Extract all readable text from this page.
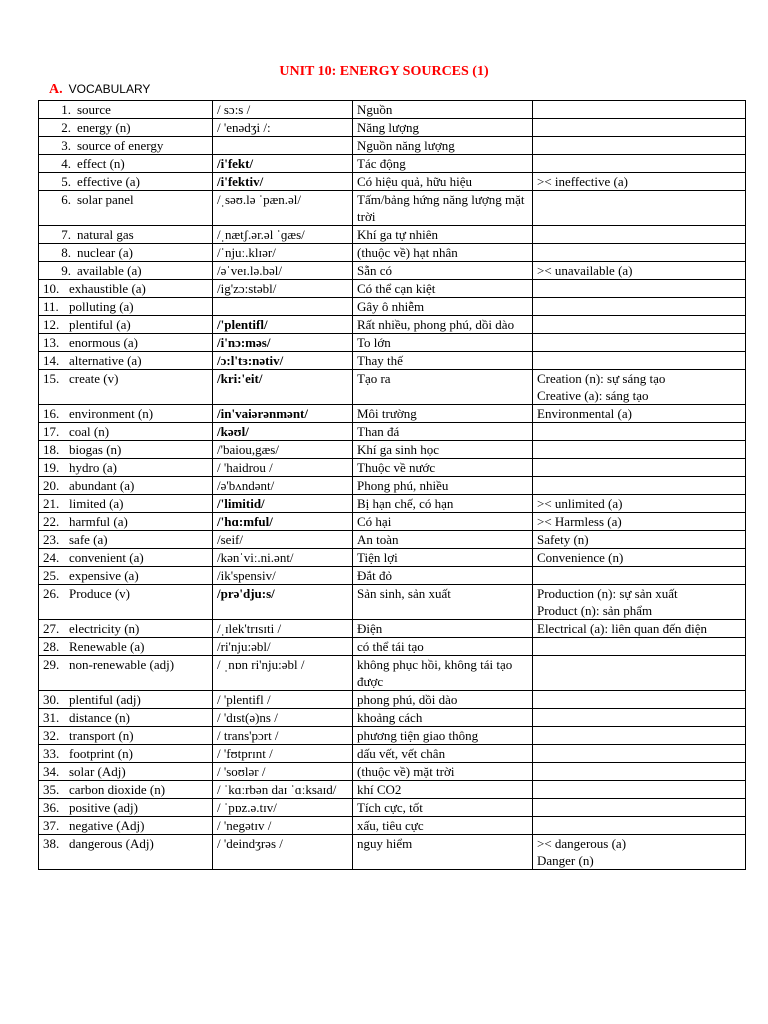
UNIT 10: ENERGY SOURCES (1)
A. VOCABULARY
1. source	/ sɔ:s /	Nguồn	

2. energy (n)	/ 'enədʒi /:	Năng lượng	

3. source of energy		Nguồn năng lượng	

4. effect (n)	/i'fekt/	Tác động	

5. effective (a)	/i'fektiv/	Có hiệu quả, hữu hiệu	>< ineffective (a)

6. solar panel	/ˌsəʊ.lə ˈpæn.əl/	Tấm/bảng hứng năng lượng mặt trời	

7. natural gas	/ˌnætʃ.ər.əl ˈɡæs/	Khí ga tự nhiên	

8. nuclear (a)	/ˈnjuː.klɪər/	(thuộc về) hạt nhân	

9. available (a)	/əˈveɪ.lə.bəl/	Sẵn có	>< unavailable (a)

10. exhaustible (a)	/ig'zɔ:stəbl/	Có thể cạn kiệt	

11. polluting (a)		Gây ô nhiễm	

12. plentiful (a)	/'plentifl/	Rất nhiều, phong phú, dồi dào	

13. enormous (a)	/i'nɔ:məs/	To lớn	

14. alternative (a)	/ɔ:l'tɜ:nətiv/	Thay thế	

15. create (v)	/kri:'eit/	Tạo ra	Creation (n): sự sáng tạo
Creative (a): sáng tạo

16. environment (n)	/in'vaiərənmənt/	Môi trường	Environmental (a)

17. coal (n)	/kəʊl/	Than đá	

18. biogas (n)	/'baiou,gæs/	Khí ga sinh học	

19. hydro (a)	/ 'haidrou /	Thuộc về nước	

20. abundant (a)	/ə'bʌndənt/	Phong phú, nhiều	

21. limited (a)	/'limitid/	Bị hạn chế, có hạn	>< unlimited (a)

22. harmful (a)	/'hɑ:mful/	Có hại	>< Harmless (a)

23. safe (a)	/seif/	An toàn	Safety (n)

24. convenient (a)	/kənˈviː.ni.ənt/	Tiện lợi	Convenience (n)

25. expensive (a)	/ik'spensiv/	Đắt đỏ	

26. Produce (v)	/prə'dju:s/	Sản sinh, sản xuất	Production (n): sự sản xuất
Product (n): sản phẩm

27. electricity (n)	/ˌɪlek'trɪsɪti /	Điện	Electrical (a): liên quan đến điện

28. Renewable (a)	/ri'nju:əbl/	có thể tái tạo	

29. non-renewable (adj)	/ ˌnɒn ri'nju:əbl /	không phục hồi, không tái tạo được	

30. plentiful (adj)	/ 'plentifl /	phong phú, dồi dào	

31. distance (n)	/ 'dɪst(ə)ns /	khoảng cách	

32. transport (n)	/ trans'pɔrt /	phương tiện giao thông	

33. footprint (n)	/ 'fʊtprɪnt /	dấu vết, vết chân	

34. solar (Adj)	/ 'soʊlər /	(thuộc về) mặt trời	

35. carbon dioxide (n)	/ ˈkɑːrbən daɪ ˈɑːksaɪd/	khí CO2	

36. positive (adj)	/ ˈpɒz.ə.tɪv/	Tích cực, tốt	

37. negative (Adj)	/ 'negətɪv /	xấu, tiêu cực	

38. dangerous (Adj)	/ 'deindʒrəs /	nguy hiểm	>< dangerous (a)
Danger (n)
